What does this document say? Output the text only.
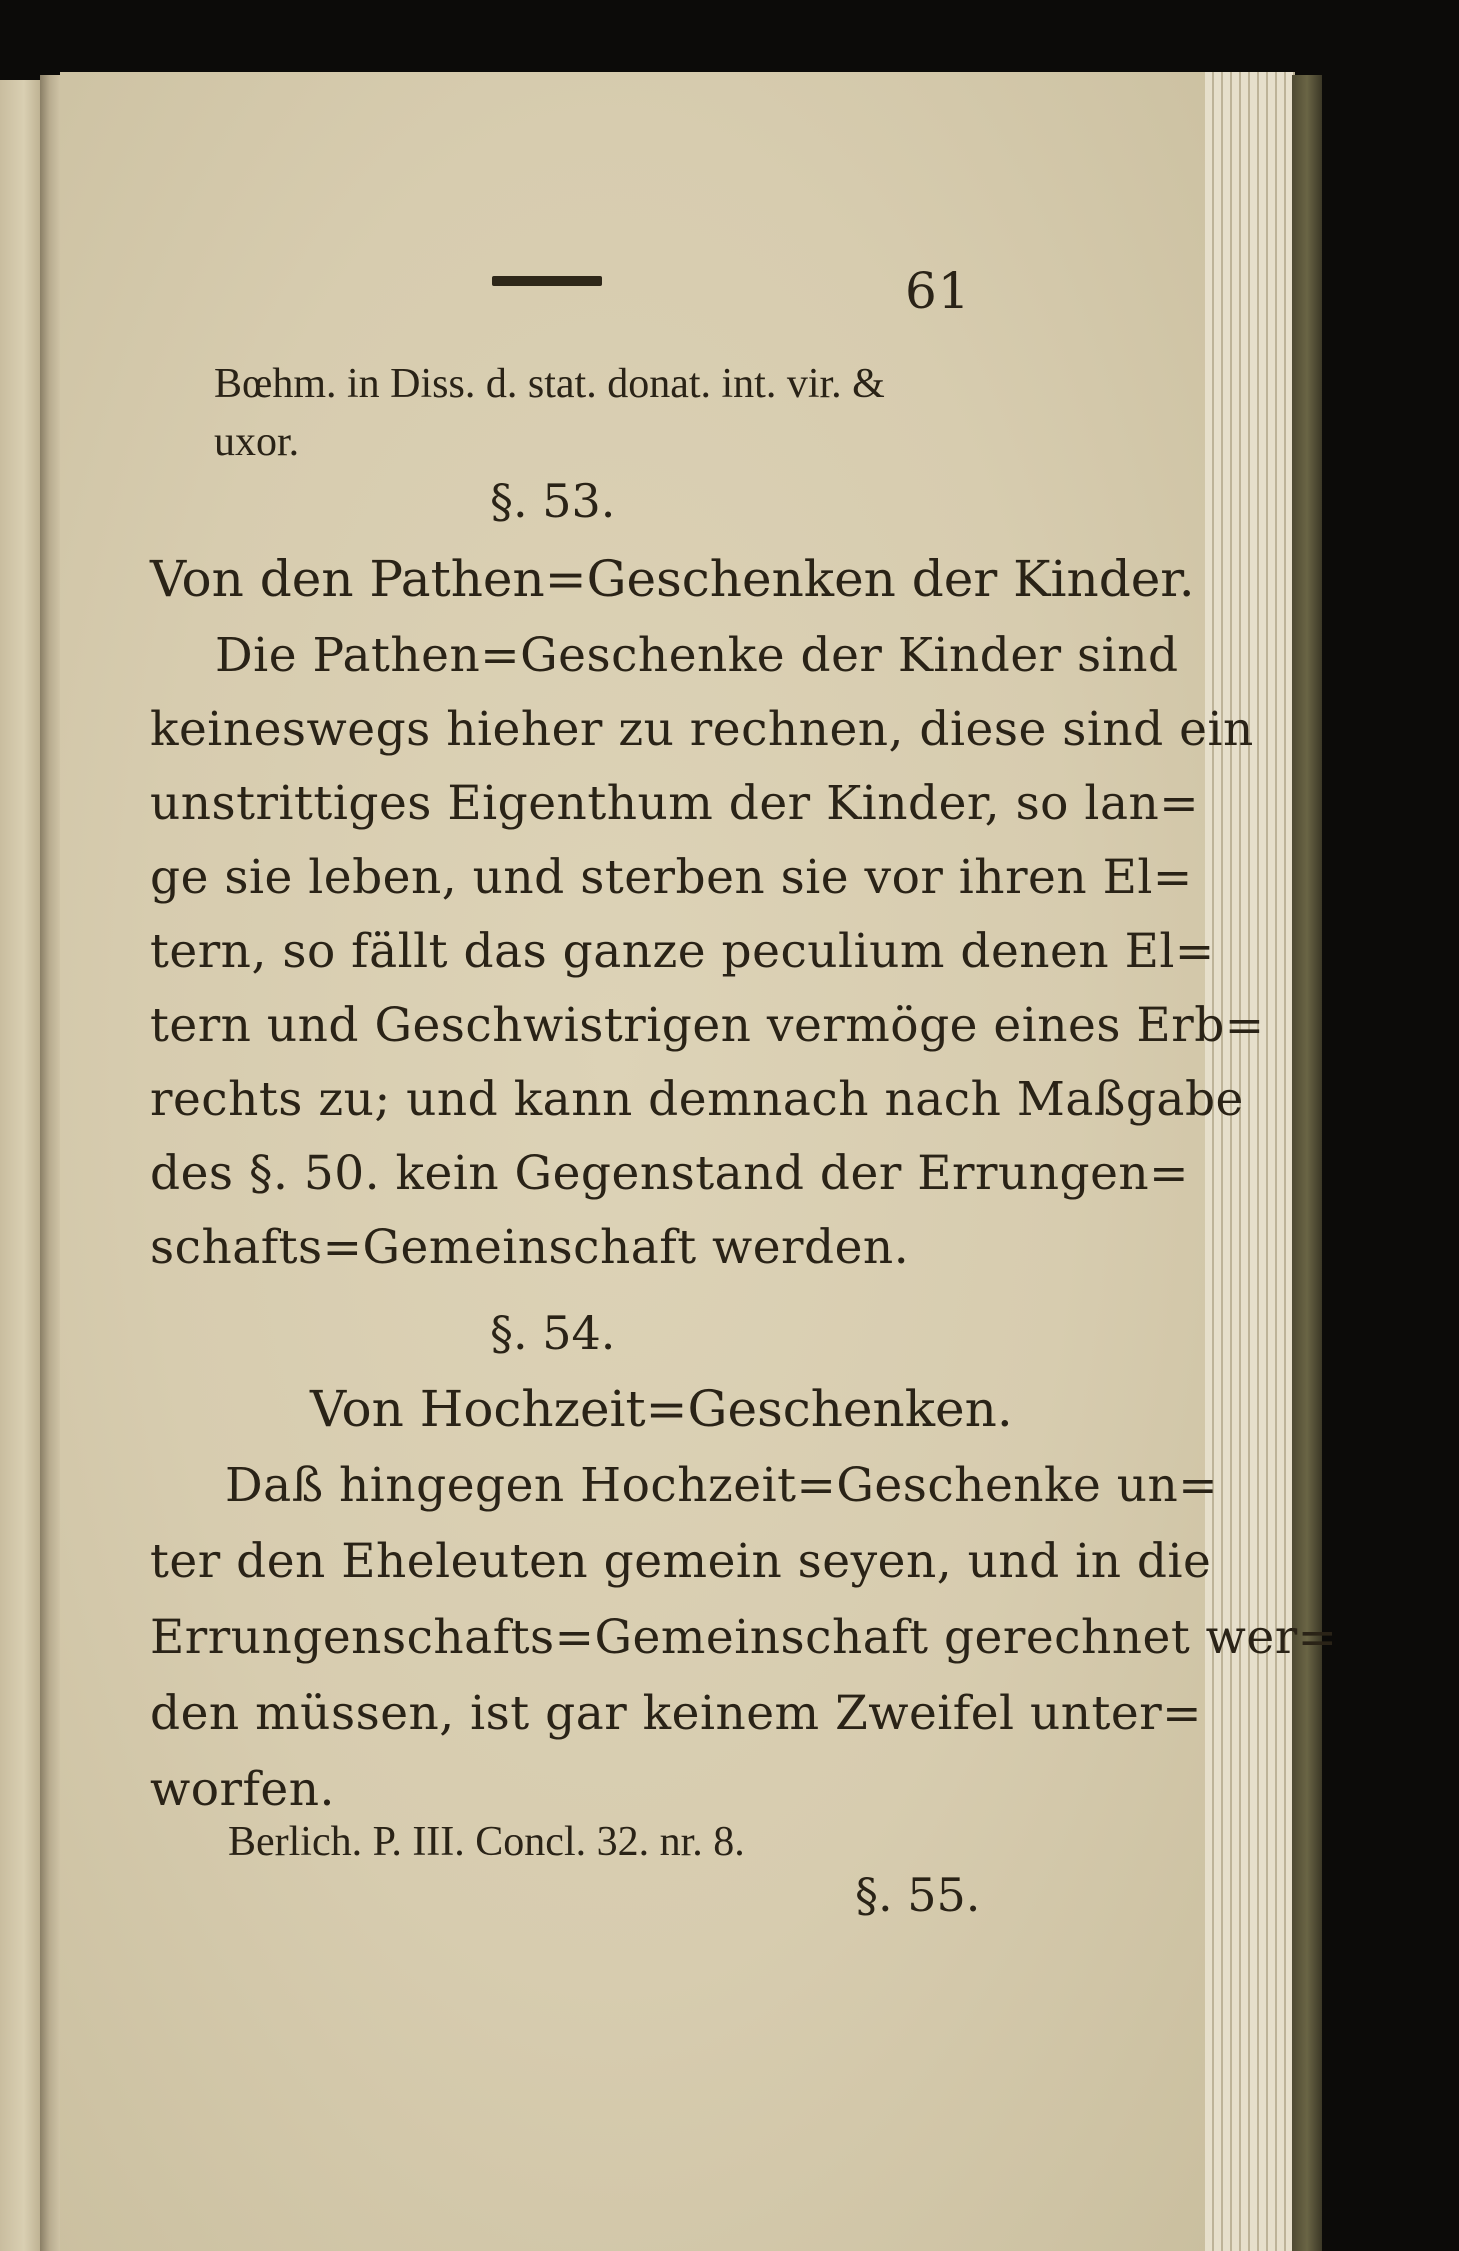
61
Bœhm. in Diss. d. stat. donat. int. vir. &
uxor.
§. 53.
Von den Pathen=Geschenken der Kinder.
Die Pathen=Geschenke der Kinder sind
keineswegs hieher zu rechnen, diese sind ein
unstrittiges Eigenthum der Kinder, so lan=
ge sie leben, und sterben sie vor ihren El=
tern, so fällt das ganze peculium denen El=
tern und Geschwistrigen vermöge eines Erb=
rechts zu; und kann demnach nach Maßgabe
des §. 50. kein Gegenstand der Errungen=
schafts=Gemeinschaft werden.
§. 54.
Von Hochzeit=Geschenken.
Daß hingegen Hochzeit=Geschenke un=
ter den Eheleuten gemein seyen, und in die
Errungenschafts=Gemeinschaft gerechnet wer=
den müssen, ist gar keinem Zweifel unter=
worfen.
Berlich. P. III. Concl. 32. nr. 8.
§. 55.
